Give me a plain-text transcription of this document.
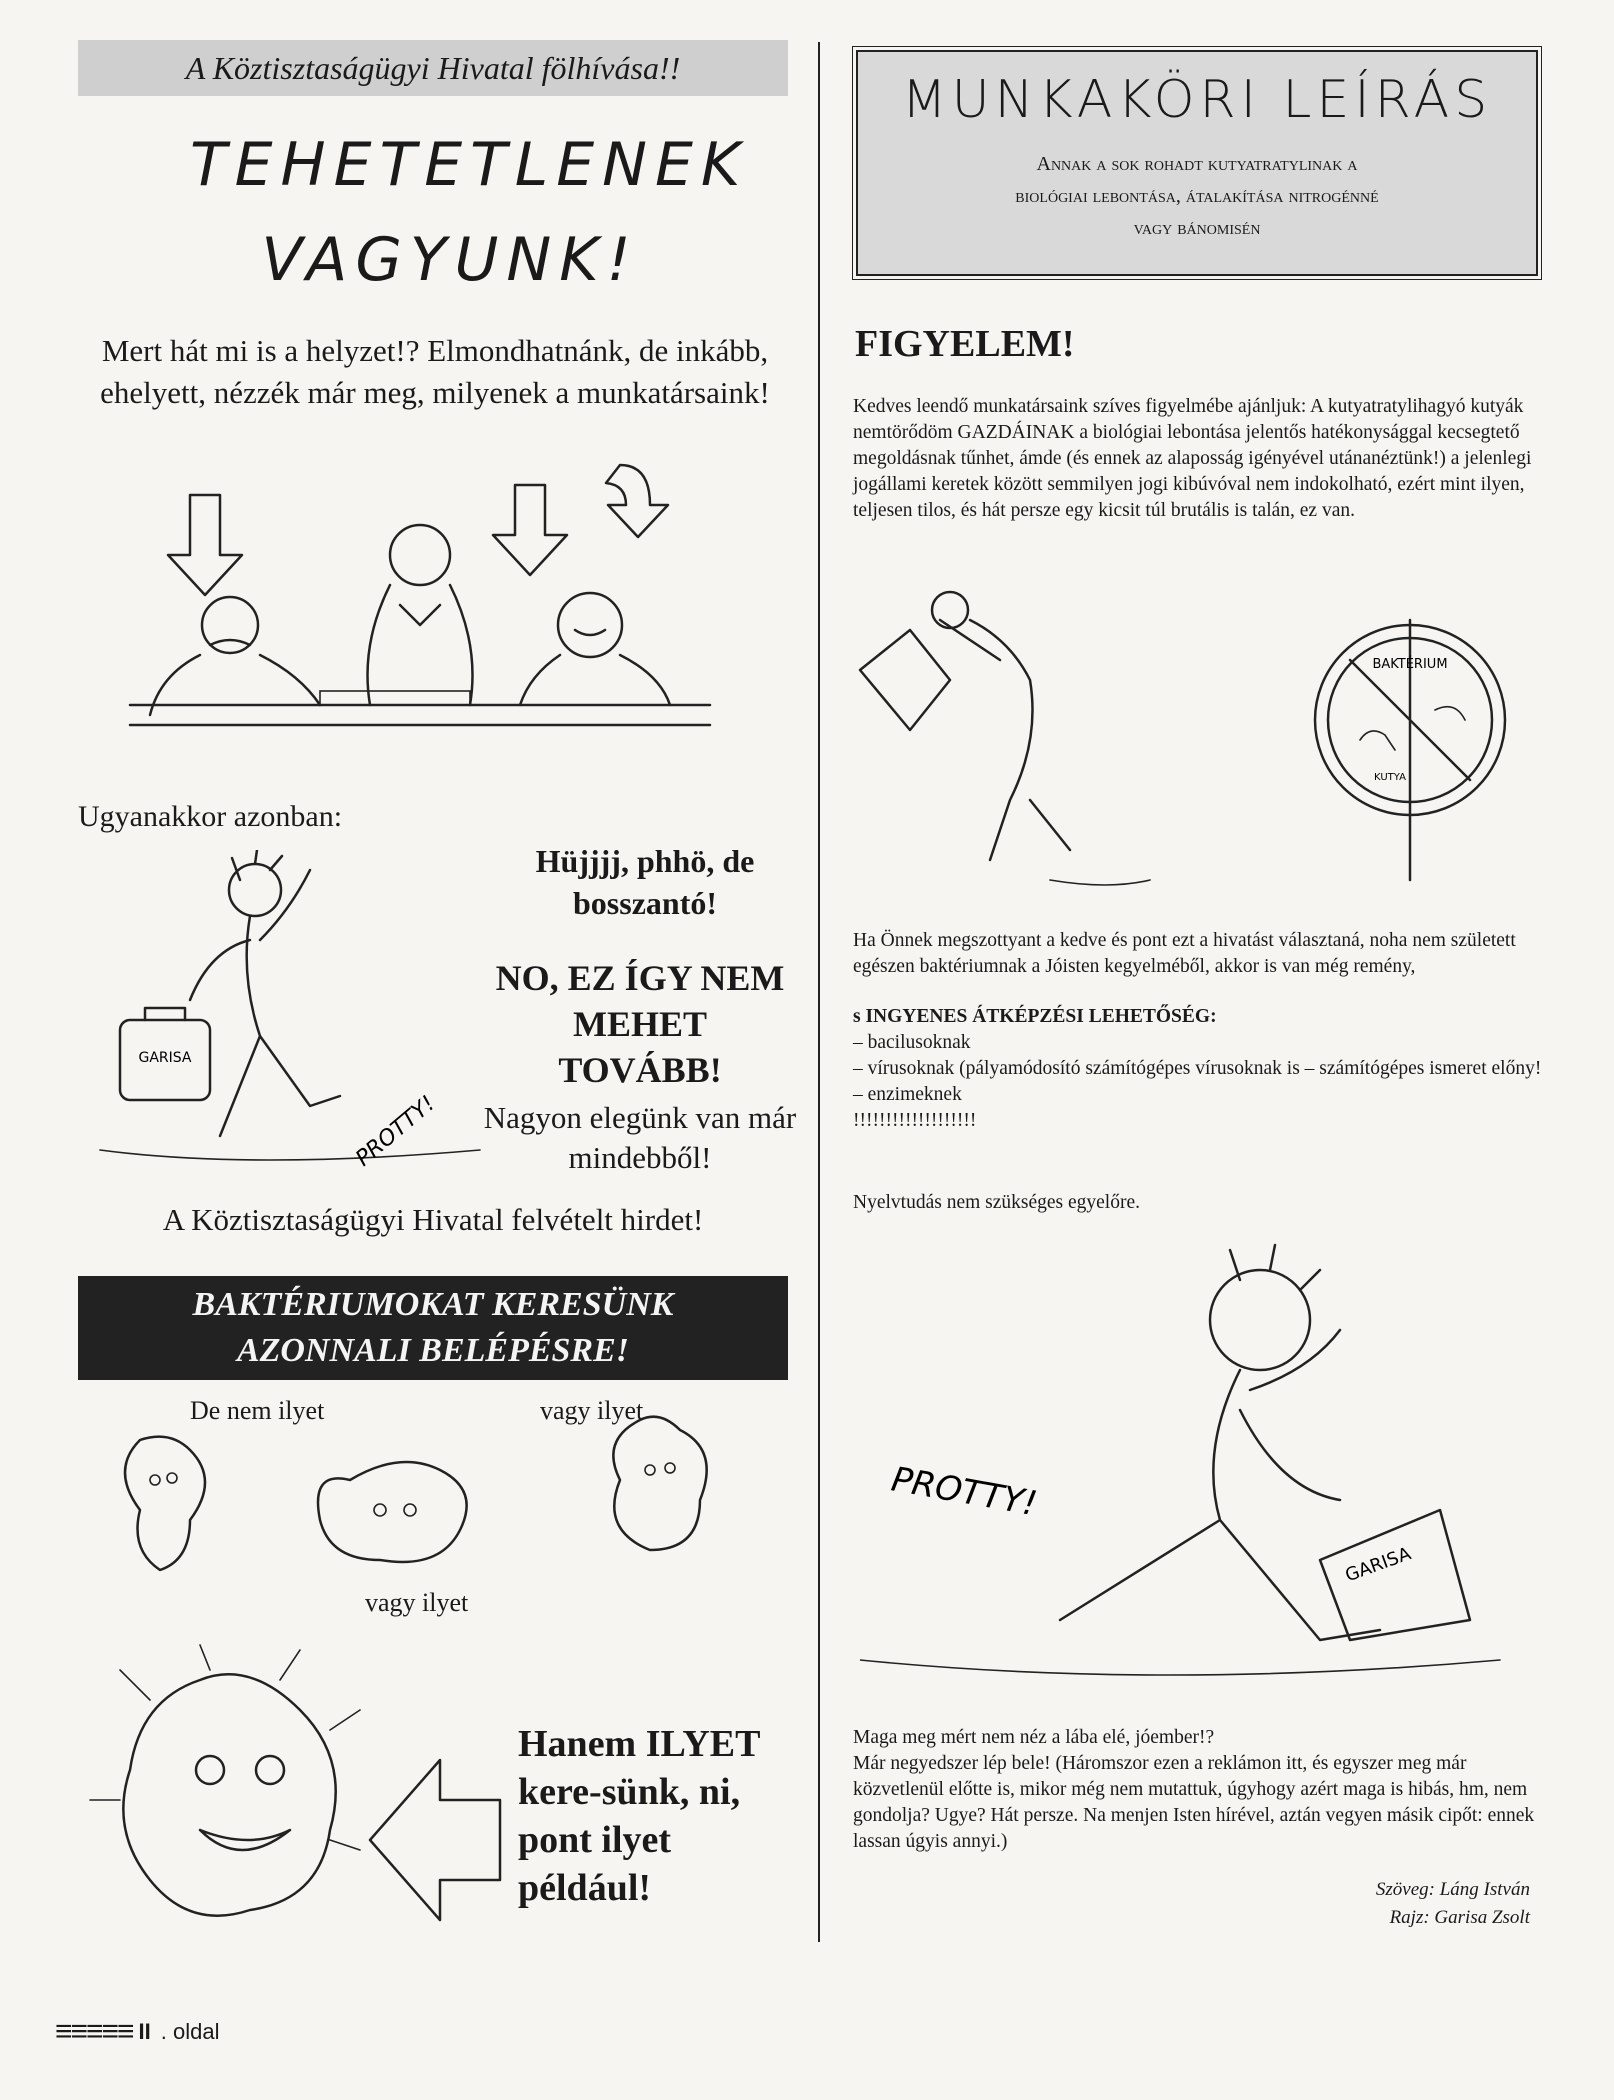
A Köztisztaságügyi Hivatal fölhívása!!
TEHETETLENEK
VAGYUNK!
Mert hát mi is a helyzet!? Elmondhatnánk, de inkább, ehelyett, nézzék már meg, milyenek a munkatársaink!
Ugyanakkor azonban:
GARISA
PROTTY!
Hüjjjj, phhö, de bosszantó!
NO, EZ ÍGY NEM MEHET TOVÁBB!
Nagyon elegünk van már mindebből!
A Köztisztaságügyi Hivatal felvételt hirdet!
BAKTÉRIUMOKAT KERESÜNK
AZONNALI BELÉPÉSRE!
De nem ilyet	vagy ilyet
vagy ilyet
Hanem ILYET kere-sünk, ni, pont ilyet például!
≡≡≡≡≡ II . oldal
MUNKAKÖRI LEÍRÁS
Annak a sok rohadt kutyatratylinak a
biológiai lebontása, átalakítása nitrogénné
vagy bánomisén
FIGYELEM!
Kedves leendő munkatársaink szíves figyelmébe ajánljuk: A kutyatratylihagyó kutyák nemtörődöm GAZDÁINAK a biológiai lebontása jelentős hatékonysággal kecsegtető megoldásnak tűnhet, ámde (és ennek az alaposság igényével utánanéztünk!) a jelenlegi jogállami keretek között semmilyen jogi kibúvóval nem indokolható, ezért mint ilyen, teljesen tilos, és hát persze egy kicsit túl brutális is talán, ez van.
BAKTÉRIUM
KUTYA
Ha Önnek megszottyant a kedve és pont ezt a hivatást választaná, noha nem született egészen baktériumnak a Jóisten kegyelméből, akkor is van még remény,
s INGYENES ÁTKÉPZÉSI LEHETŐSÉG:
– bacilusoknak
– vírusoknak (pályamódosító számítógépes vírusoknak is – számítógépes ismeret előny!
– enzimeknek
!!!!!!!!!!!!!!!!!!!
Nyelvtudás nem szükséges egyelőre.
GARISA
PROTTY!
Maga meg mért nem néz a lába elé, jóember!?
Már negyedszer lép bele! (Háromszor ezen a reklámon itt, és egyszer meg már közvetlenül előtte is, mikor még nem mutattuk, úgyhogy azért maga is hibás, hm, nem gondolja? Ugye? Hát persze. Na menjen Isten hírével, aztán vegyen másik cipőt: ennek lassan úgyis annyi.)
Szöveg: Láng István
Rajz: Garisa Zsolt
